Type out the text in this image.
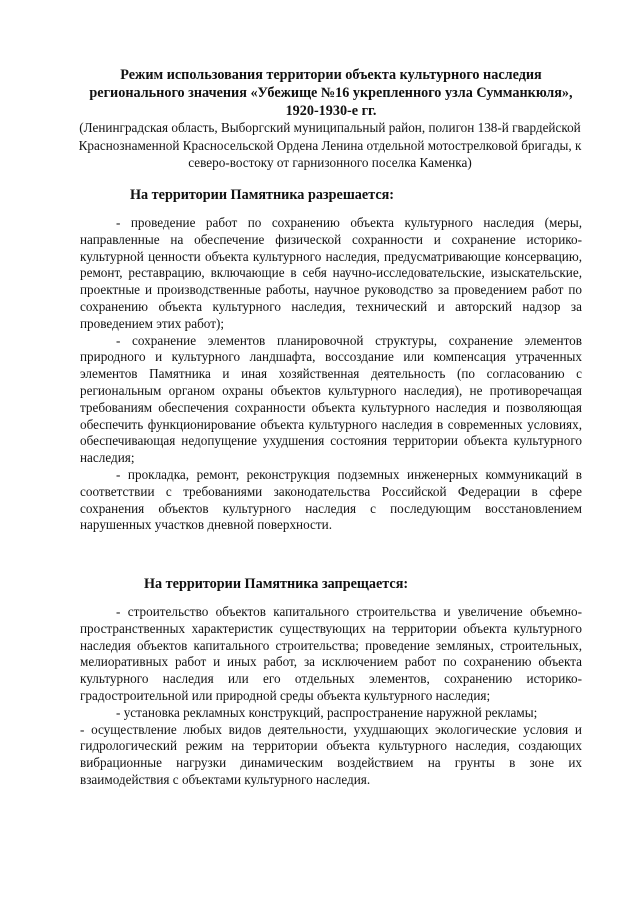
Режим использования территории объекта культурного наследия регионального значения «Убежище №16 укрепленного узла Сумманкюля», 1920-1930-е гг.
(Ленинградская область, Выборгский муниципальный район, полигон 138-й гвардейской Краснознаменной Красносельской Ордена Ленина отдельной мотострелковой бригады, к северо-востоку от гарнизонного поселка Каменка)
На территории Памятника разрешается:

- проведение работ по сохранению объекта культурного наследия (меры, направленные на обеспечение физической сохранности и сохранение историко-культурной ценности объекта культурного наследия, предусматривающие консервацию, ремонт, реставрацию, включающие в себя научно-исследовательские, изыскательские, проектные и производственные работы, научное руководство за проведением работ по сохранению объекта культурного наследия, технический и авторский надзор за проведением этих работ);

- сохранение элементов планировочной структуры, сохранение элементов природного и культурного ландшафта, воссоздание или компенсация утраченных элементов Памятника и иная хозяйственная деятельность (по согласованию с региональным органом охраны объектов культурного наследия), не противоречащая требованиям обеспечения сохранности объекта культурного наследия и позволяющая обеспечить функционирование объекта культурного наследия в современных условиях, обеспечивающая недопущение ухудшения состояния территории объекта культурного наследия;

- прокладка, ремонт, реконструкция подземных инженерных коммуникаций в соответствии с требованиями законодательства Российской Федерации в сфере сохранения объектов культурного наследия с последующим восстановлением нарушенных участков дневной поверхности.

На территории Памятника запрещается:

- строительство объектов капитального строительства и увеличение объемно-пространственных характеристик существующих на территории объекта культурного наследия объектов капитального строительства; проведение земляных, строительных, мелиоративных работ и иных работ, за исключением работ по сохранению объекта культурного наследия или его отдельных элементов, сохранению историко-градостроительной или природной среды объекта культурного наследия;

- установка рекламных конструкций, распространение наружной рекламы;

- осуществление любых видов деятельности, ухудшающих экологические условия и гидрологический режим на территории объекта культурного наследия, создающих вибрационные нагрузки динамическим воздействием на грунты в зоне их взаимодействия с объектами культурного наследия.
